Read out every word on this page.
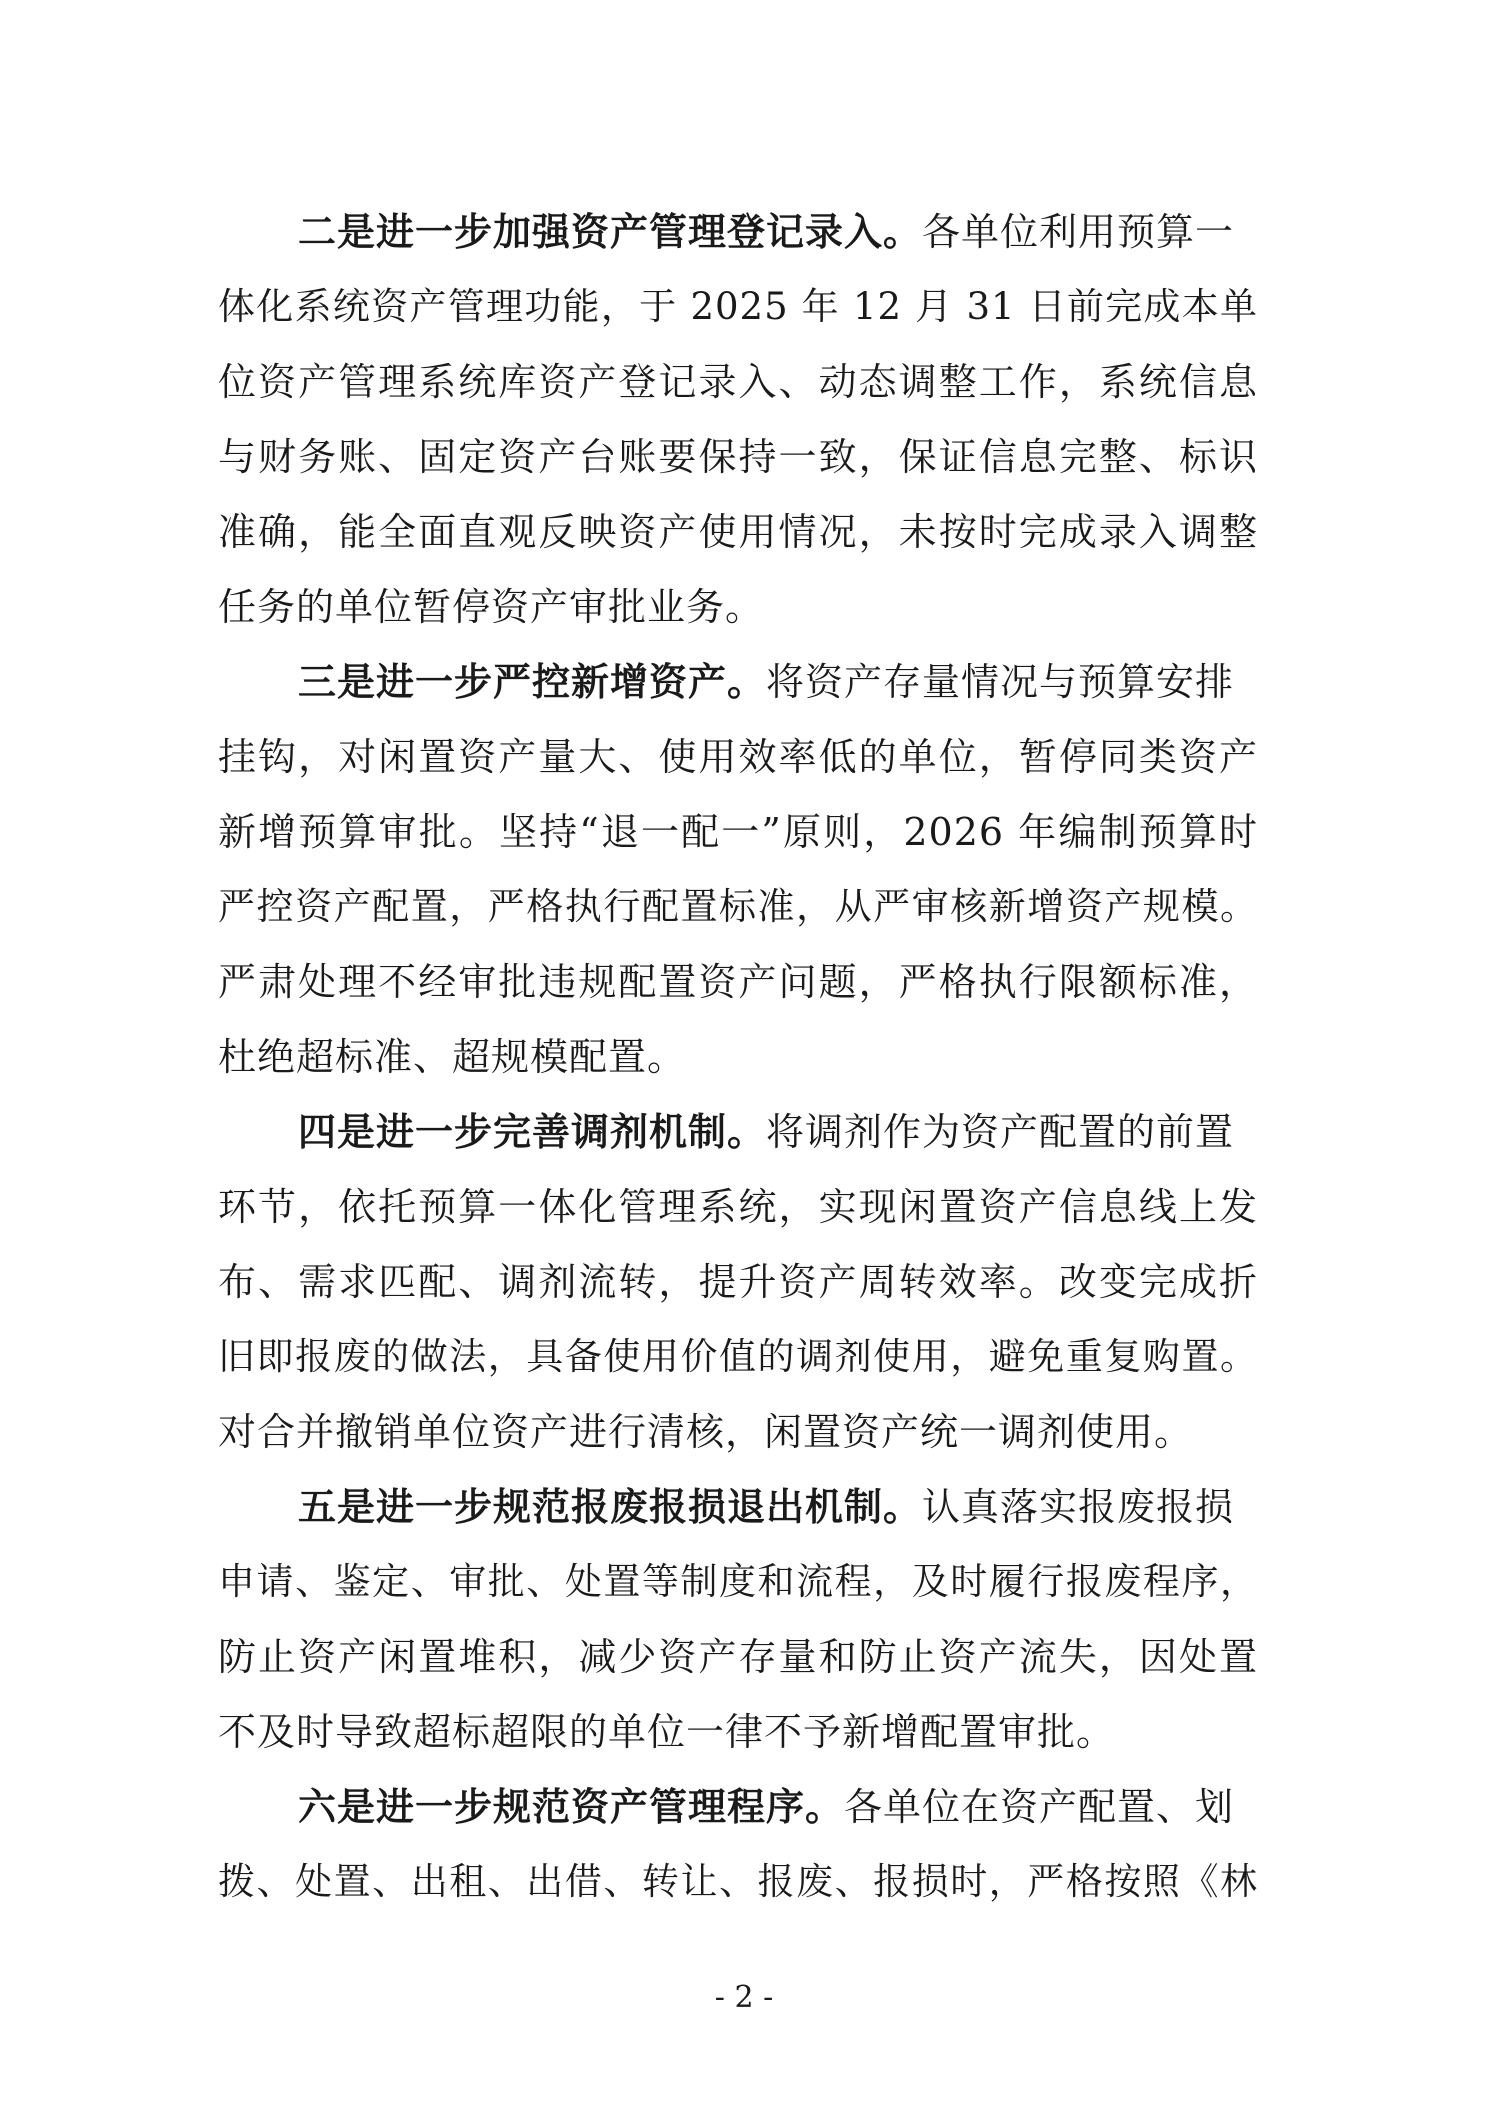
二是进一步加强资产管理登记录入。各单位利用预算一
体化系统资产管理功能，于 2025 年 12 月 31 日前完成本单
位资产管理系统库资产登记录入、动态调整工作，系统信息
与财务账、固定资产台账要保持一致，保证信息完整、标识
准确，能全面直观反映资产使用情况，未按时完成录入调整
任务的单位暂停资产审批业务。
三是进一步严控新增资产。将资产存量情况与预算安排
挂钩，对闲置资产量大、使用效率低的单位，暂停同类资产
新增预算审批。坚持“退一配一”原则，2026 年编制预算时
严控资产配置，严格执行配置标准，从严审核新增资产规模。
严肃处理不经审批违规配置资产问题，严格执行限额标准，
杜绝超标准、超规模配置。
四是进一步完善调剂机制。将调剂作为资产配置的前置
环节，依托预算一体化管理系统，实现闲置资产信息线上发
布、需求匹配、调剂流转，提升资产周转效率。改变完成折
旧即报废的做法，具备使用价值的调剂使用，避免重复购置。
对合并撤销单位资产进行清核，闲置资产统一调剂使用。
五是进一步规范报废报损退出机制。认真落实报废报损
申请、鉴定、审批、处置等制度和流程，及时履行报废程序，
防止资产闲置堆积，减少资产存量和防止资产流失，因处置
不及时导致超标超限的单位一律不予新增配置审批。
六是进一步规范资产管理程序。各单位在资产配置、划
拨、处置、出租、出借、转让、报废、报损时，严格按照《林
- 2 -
